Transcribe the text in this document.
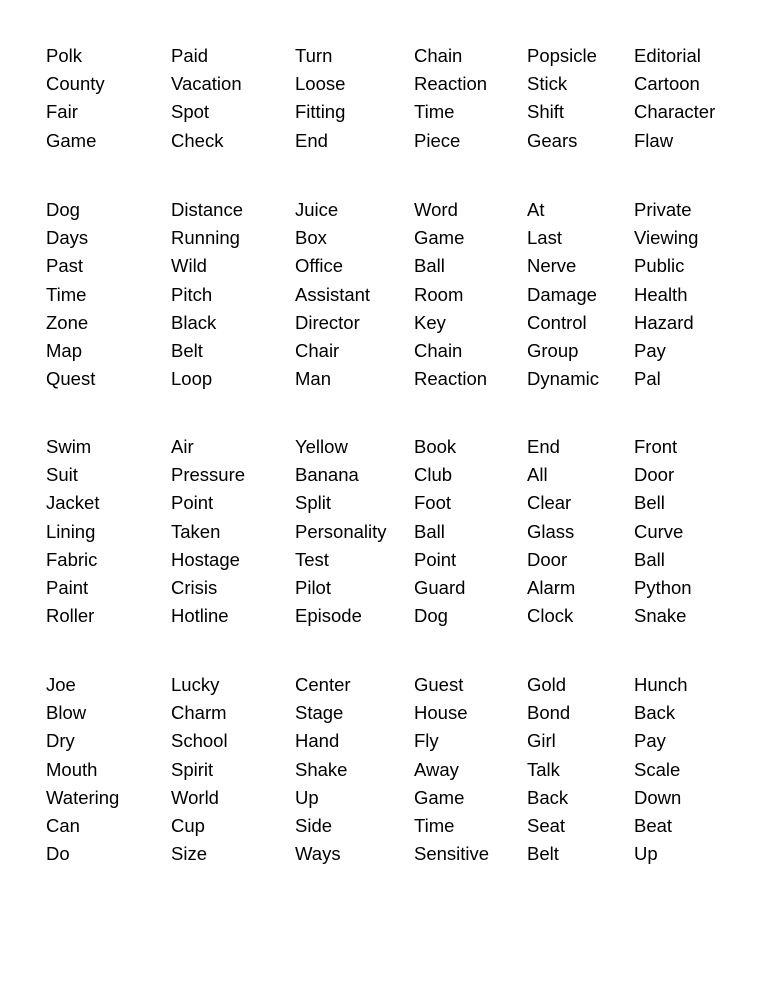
Polk
County
Fair
Game
Paid
Vacation
Spot
Check
Turn
Loose
Fitting
End
Chain
Reaction
Time
Piece
Popsicle
Stick
Shift
Gears
Editorial
Cartoon
Character
Flaw
Dog
Days
Past
Time
Zone
Map
Quest
Distance
Running
Wild
Pitch
Black
Belt
Loop
Juice
Box
Office
Assistant
Director
Chair
Man
Word
Game
Ball
Room
Key
Chain
Reaction
At
Last
Nerve
Damage
Control
Group
Dynamic
Private
Viewing
Public
Health
Hazard
Pay
Pal
Swim
Suit
Jacket
Lining
Fabric
Paint
Roller
Air
Pressure
Point
Taken
Hostage
Crisis
Hotline
Yellow
Banana
Split
Personality
Test
Pilot
Episode
Book
Club
Foot
Ball
Point
Guard
Dog
End
All
Clear
Glass
Door
Alarm
Clock
Front
Door
Bell
Curve
Ball
Python
Snake
Joe
Blow
Dry
Mouth
Watering
Can
Do
Lucky
Charm
School
Spirit
World
Cup
Size
Center
Stage
Hand
Shake
Up
Side
Ways
Guest
House
Fly
Away
Game
Time
Sensitive
Gold
Bond
Girl
Talk
Back
Seat
Belt
Hunch
Back
Pay
Scale
Down
Beat
Up
